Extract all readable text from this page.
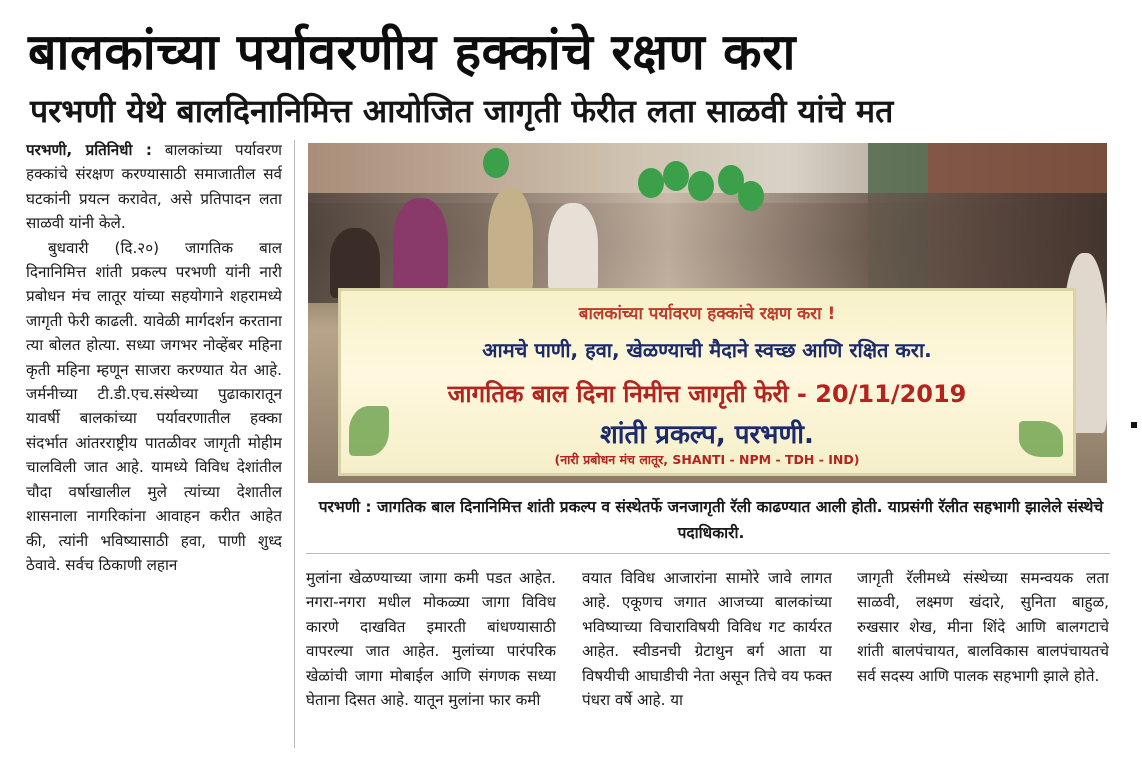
बालकांच्या पर्यावरणीय हक्कांचे रक्षण करा
परभणी येथे बालदिनानिमित्त आयोजित जागृती फेरीत लता साळवी यांचे मत

परभणी, प्रतिनिधी : बालकांच्या पर्यावरण हक्कांचे संरक्षण करण्यासाठी समाजातील सर्व घटकांनी प्रयत्न करावेत, असे प्रतिपादन लता साळवी यांनी केले.

बुधवारी (दि.२०) जागतिक बाल दिनानिमित्त शांती प्रकल्प परभणी यांनी नारी प्रबोधन मंच लातूर यांच्या सहयोगाने शहरामध्ये जागृती फेरी काढली. यावेळी मार्गदर्शन करताना त्या बोलत होत्या. सध्या जगभर नोव्हेंबर महिना कृती महिना म्हणून साजरा करण्यात येत आहे. जर्मनीच्या टी.डी.एच.संस्थेच्या पुढाकारातून यावर्षी बालकांच्या पर्यावरणातील हक्का संदर्भात आंतरराष्ट्रीय पातळीवर जागृती मोहीम चालविली जात आहे. यामध्ये विविध देशांतील चौदा वर्षाखालील मुले त्यांच्या देशातील शासनाला नागरिकांना आवाहन करीत आहेत की, त्यांनी भविष्यासाठी हवा, पाणी शुध्द ठेवावे. सर्वच ठिकाणी लहान

बालकांच्या पर्यावरण हक्कांचे रक्षण करा !
आमचे पाणी, हवा, खेळण्याची मैदाने स्वच्छ आणि रक्षित करा.
जागतिक बाल दिना निमीत्त जागृती फेरी - 20/11/2019
शांती प्रकल्प, परभणी.
(नारी प्रबोधन मंच लातूर, SHANTI - NPM - TDH - IND)
परभणी : जागतिक बाल दिनानिमित्त शांती प्रकल्प व संस्थेतर्फे जनजागृती रॅली काढण्यात आली होती. याप्रसंगी रॅलीत सहभागी झालेले संस्थेचे पदाधिकारी.

मुलांना खेळण्याच्या जागा कमी पडत आहेत. नगरा-नगरा मधील मोकळ्या जागा विविध कारणे दाखवित इमारती बांधण्यासाठी वापरल्या जात आहेत. मुलांच्या पारंपरिक खेळांची जागा मोबाईल आणि संगणक सध्या घेताना दिसत आहे. यातून मुलांना फार कमी

वयात विविध आजारांना सामोरे जावे लागत आहे. एकूणच जगात आजच्या बालकांच्या भविष्याच्या विचाराविषयी विविध गट कार्यरत आहेत. स्वीडनची ग्रेटाथुन बर्ग आता या विषयीची आघाडीची नेता असून तिचे वय फक्त पंधरा वर्षे आहे. या

जागृती रॅलीमध्ये संस्थेच्या समन्वयक लता साळवी, लक्ष्मण खंदारे, सुनिता बाहुळ, रुखसार शेख, मीना शिंदे आणि बालगटाचे शांती बालपंचायत, बालविकास बालपंचायतचे सर्व सदस्य आणि पालक सहभागी झाले होते.
